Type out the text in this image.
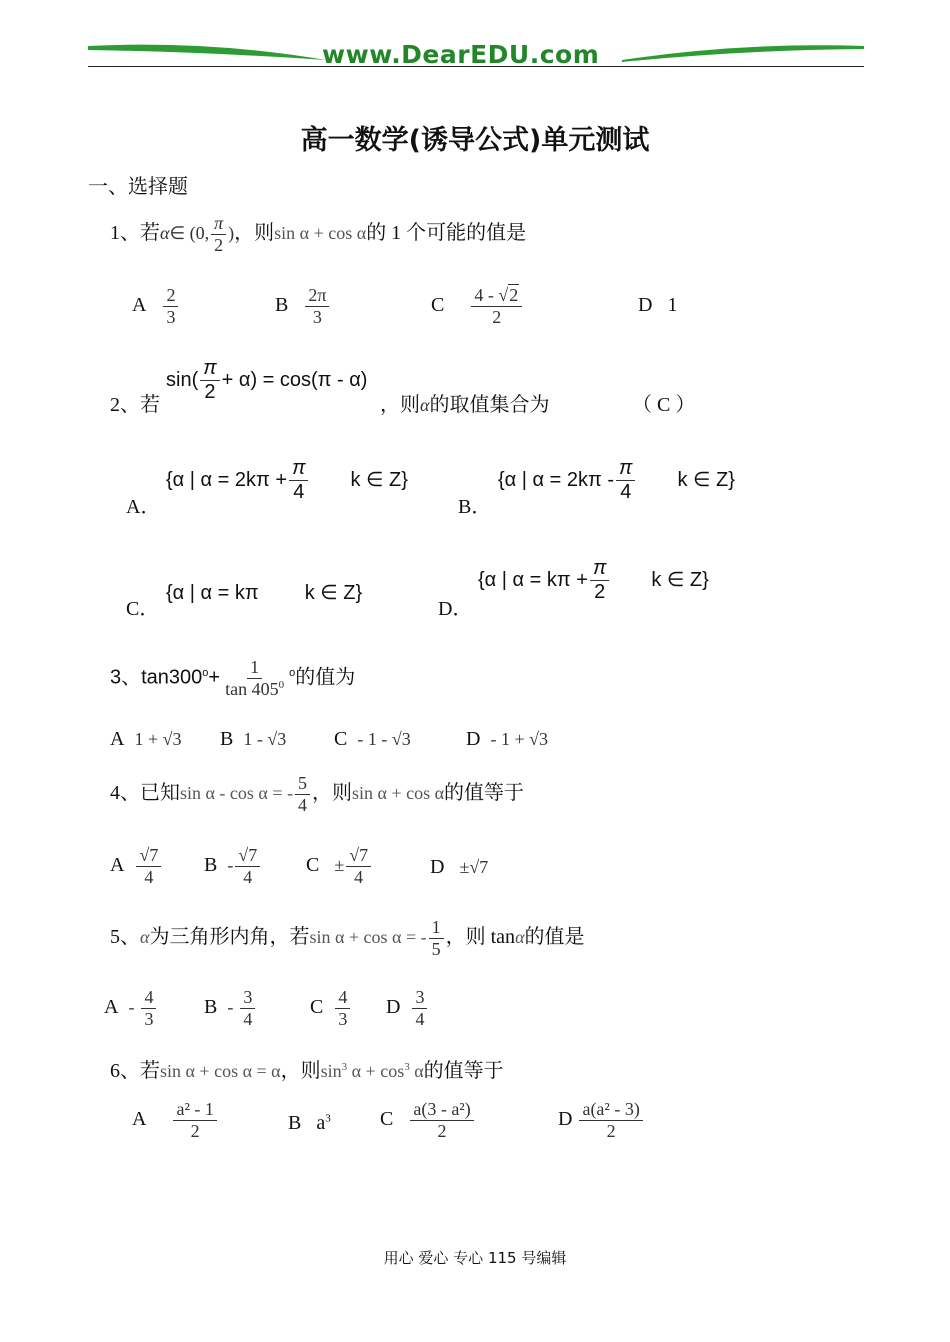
www.DearEDU.com
高一数学(诱导公式)单元测试
一、选择题
1、若α∈ (0, $\frac{\pi}{2}$ )，则sin α + cos α的 1 个可能的值是
A $\frac{2}{3}$	B $\frac{2\pi}{3}$	C $\frac{4 - √2}{2}$	D 1
$\sin( \frac{\pi}{2} + \alpha) = \cos(\pi - \alpha)$
2、若	，则α的取值集合为	（ C ）
A．
{α | $\alpha = 2k\pi + \frac{\pi}{4}$ k ∈ Z}
B．
{α | $\alpha = 2k\pi - \frac{\pi}{4}$ k ∈ Z}
C．
{α | α = kπ k ∈ Z}
D．
{α | $\alpha = k\pi + \frac{\pi}{2}$ k ∈ Z}
3、$\tan 300^o+ \frac{1}{\tan 405^0} ^o$的值为
A 1 + √3 B 1 - √3 C - 1 - √3	D - 1 + √3
4、已知sin α - cos α = - $\frac{5}{4}$ ，则sin α + cos α的值等于
A $\frac{√7}{4}$ B - $\frac{√7}{4}$ $C \pm \frac{√7}{4}$	D ±√7
5、α为三角形内角，若sin α + cos α = - $\frac{1}{5}$ ，则 tanα的值是
A - $\frac{4}{3}$ B - $\frac{3}{4}$	C $\frac{4}{3}$ D $\frac{3}{4}$
6、若sin α + cos α = α，则$\sin^3 \alpha + \cos^3 \alpha$的值等于
A $\frac{\text{a² - 1}}{2}$	B $a^3$ C $\frac{\text{a(3 - a²)}}{2}$	D $\frac{\text{a(a² - 3)}}{2}$
用心 爱心 专心 115 号编辑
